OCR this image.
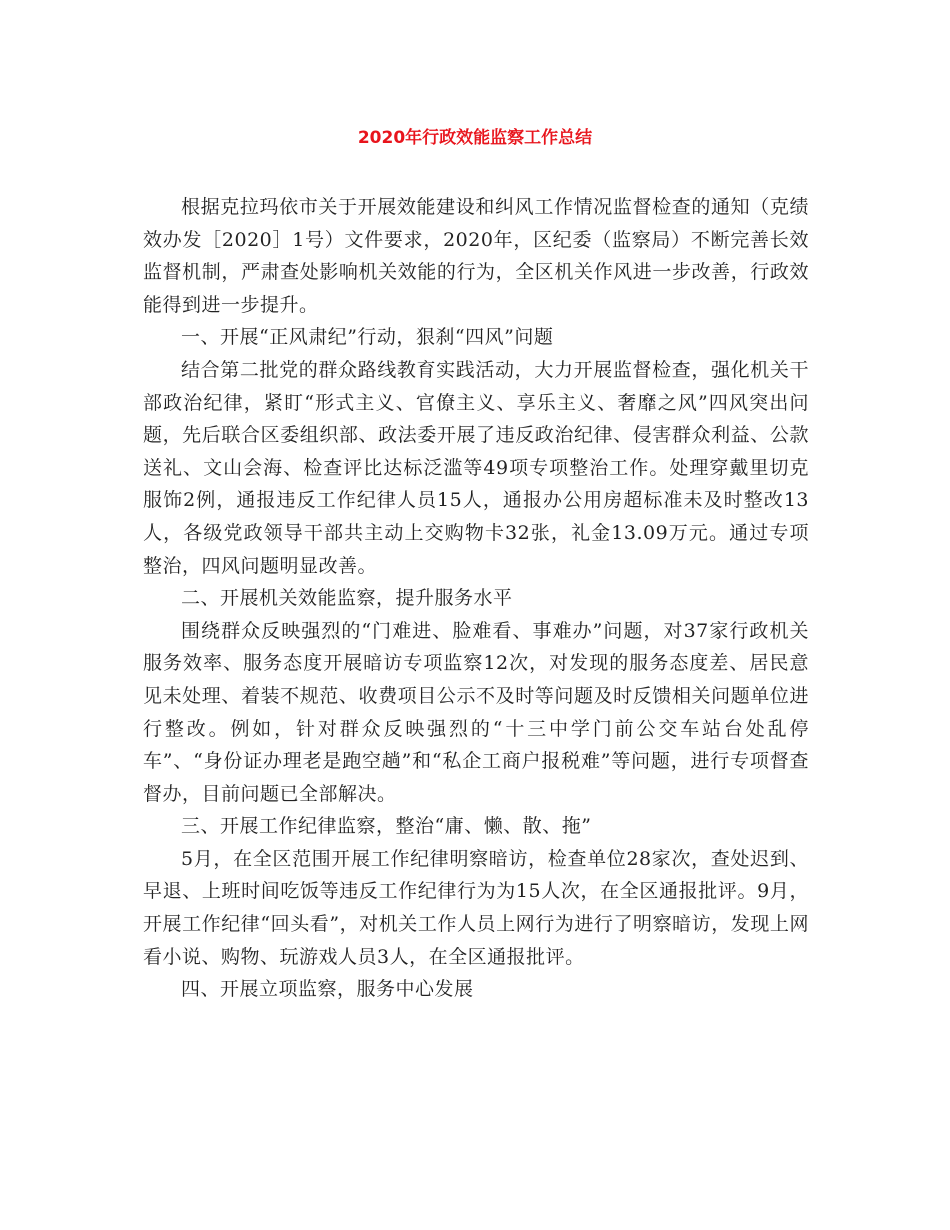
2020年行政效能监察工作总结

根据克拉玛依市关于开展效能建设和纠风工作情况监督检查的通知（克绩效办发［2020］1号）文件要求，2020年，区纪委（监察局）不断完善长效监督机制，严肃查处影响机关效能的行为，全区机关作风进一步改善，行政效能得到进一步提升。

一、开展“正风肃纪”行动，狠刹“四风”问题

结合第二批党的群众路线教育实践活动，大力开展监督检查，强化机关干部政治纪律，紧盯“形式主义、官僚主义、享乐主义、奢靡之风”四风突出问题，先后联合区委组织部、政法委开展了违反政治纪律、侵害群众利益、公款送礼、文山会海、检查评比达标泛滥等49项专项整治工作。处理穿戴里切克服饰2例，通报违反工作纪律人员15人，通报办公用房超标准未及时整改13人，各级党政领导干部共主动上交购物卡32张，礼金13.09万元。通过专项整治，四风问题明显改善。

二、开展机关效能监察，提升服务水平

围绕群众反映强烈的“门难进、脸难看、事难办”问题，对37家行政机关服务效率、服务态度开展暗访专项监察12次，对发现的服务态度差、居民意见未处理、着装不规范、收费项目公示不及时等问题及时反馈相关问题单位进行整改。例如，针对群众反映强烈的“十三中学门前公交车站台处乱停车”、“身份证办理老是跑空趟”和“私企工商户报税难”等问题，进行专项督查督办，目前问题已全部解决。

三、开展工作纪律监察，整治“庸、懒、散、拖”

5月，在全区范围开展工作纪律明察暗访，检查单位28家次，查处迟到、早退、上班时间吃饭等违反工作纪律行为为15人次，在全区通报批评。9月，开展工作纪律“回头看”，对机关工作人员上网行为进行了明察暗访，发现上网看小说、购物、玩游戏人员3人，在全区通报批评。

四、开展立项监察，服务中心发展
